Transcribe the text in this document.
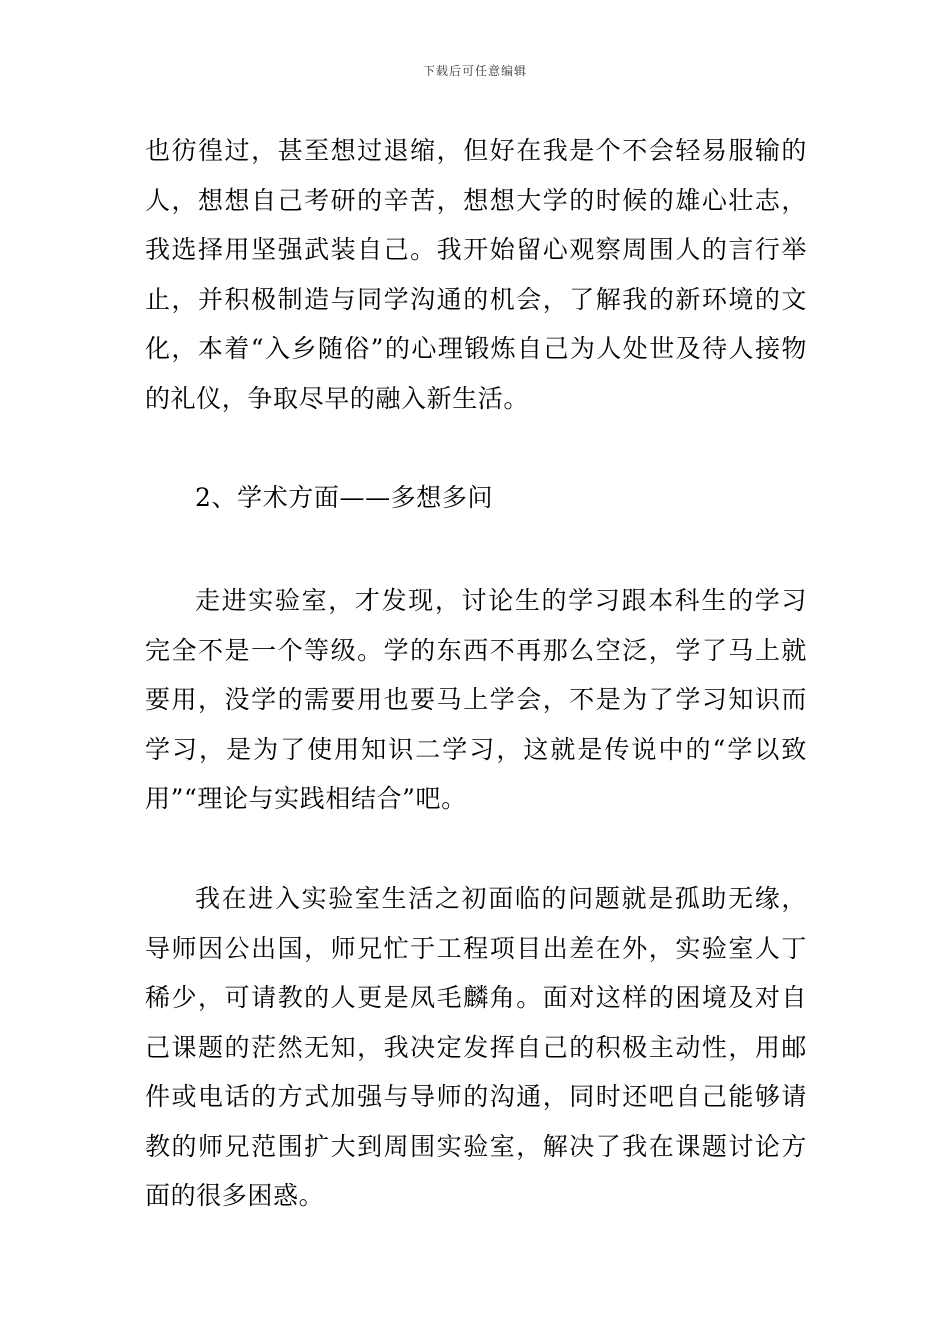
下载后可任意编辑

也彷徨过，甚至想过退缩，但好在我是个不会轻易服输的人，想想自己考研的辛苦，想想大学的时候的雄心壮志，我选择用坚强武装自己。我开始留心观察周围人的言行举止，并积极制造与同学沟通的机会，了解我的新环境的文化，本着“入乡随俗”的心理锻炼自己为人处世及待人接物的礼仪，争取尽早的融入新生活。

2、学术方面——多想多问

走进实验室，才发现，讨论生的学习跟本科生的学习完全不是一个等级。学的东西不再那么空泛，学了马上就要用，没学的需要用也要马上学会，不是为了学习知识而学习，是为了使用知识二学习，这就是传说中的“学以致用”“理论与实践相结合”吧。

我在进入实验室生活之初面临的问题就是孤助无缘，导师因公出国，师兄忙于工程项目出差在外，实验室人丁稀少，可请教的人更是凤毛麟角。面对这样的困境及对自己课题的茫然无知，我决定发挥自己的积极主动性，用邮件或电话的方式加强与导师的沟通，同时还吧自己能够请教的师兄范围扩大到周围实验室，解决了我在课题讨论方面的很多困惑。
